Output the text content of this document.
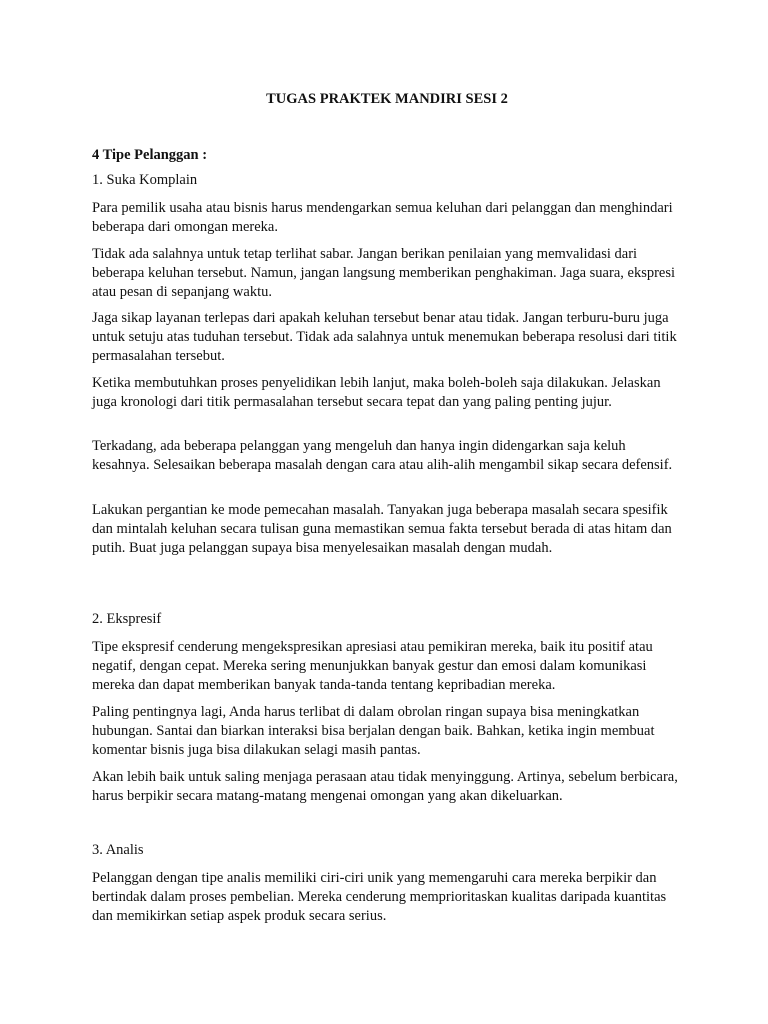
TUGAS PRAKTEK MANDIRI SESI 2

4 Tipe Pelanggan :

1. Suka Komplain

Para pemilik usaha atau bisnis harus mendengarkan semua keluhan dari pelanggan dan menghindari beberapa dari omongan mereka.

Tidak ada salahnya untuk tetap terlihat sabar. Jangan berikan penilaian yang memvalidasi dari beberapa keluhan tersebut. Namun, jangan langsung memberikan penghakiman. Jaga suara, ekspresi atau pesan di sepanjang waktu.

Jaga sikap layanan terlepas dari apakah keluhan tersebut benar atau tidak. Jangan terburu-buru juga untuk setuju atas tuduhan tersebut. Tidak ada salahnya untuk menemukan beberapa resolusi dari titik permasalahan tersebut.

Ketika membutuhkan proses penyelidikan lebih lanjut, maka boleh-boleh saja dilakukan. Jelaskan juga kronologi dari titik permasalahan tersebut secara tepat dan yang paling penting jujur.

Terkadang, ada beberapa pelanggan yang mengeluh dan hanya ingin didengarkan saja keluh kesahnya. Selesaikan beberapa masalah dengan cara atau alih-alih mengambil sikap secara defensif.

Lakukan pergantian ke mode pemecahan masalah. Tanyakan juga beberapa masalah secara spesifik dan mintalah keluhan secara tulisan guna memastikan semua fakta tersebut berada di atas hitam dan putih. Buat juga pelanggan supaya bisa menyelesaikan masalah dengan mudah.

2. Ekspresif

Tipe ekspresif cenderung mengekspresikan apresiasi atau pemikiran mereka, baik itu positif atau negatif, dengan cepat. Mereka sering menunjukkan banyak gestur dan emosi dalam komunikasi mereka dan dapat memberikan banyak tanda-tanda tentang kepribadian mereka.

Paling pentingnya lagi, Anda harus terlibat di dalam obrolan ringan supaya bisa meningkatkan hubungan. Santai dan biarkan interaksi bisa berjalan dengan baik. Bahkan, ketika ingin membuat komentar bisnis juga bisa dilakukan selagi masih pantas.

Akan lebih baik untuk saling menjaga perasaan atau tidak menyinggung. Artinya, sebelum berbicara, harus berpikir secara matang-matang mengenai omongan yang akan dikeluarkan.

3. Analis

Pelanggan dengan tipe analis memiliki ciri-ciri unik yang memengaruhi cara mereka berpikir dan bertindak dalam proses pembelian. Mereka cenderung memprioritaskan kualitas daripada kuantitas dan memikirkan setiap aspek produk secara serius.
